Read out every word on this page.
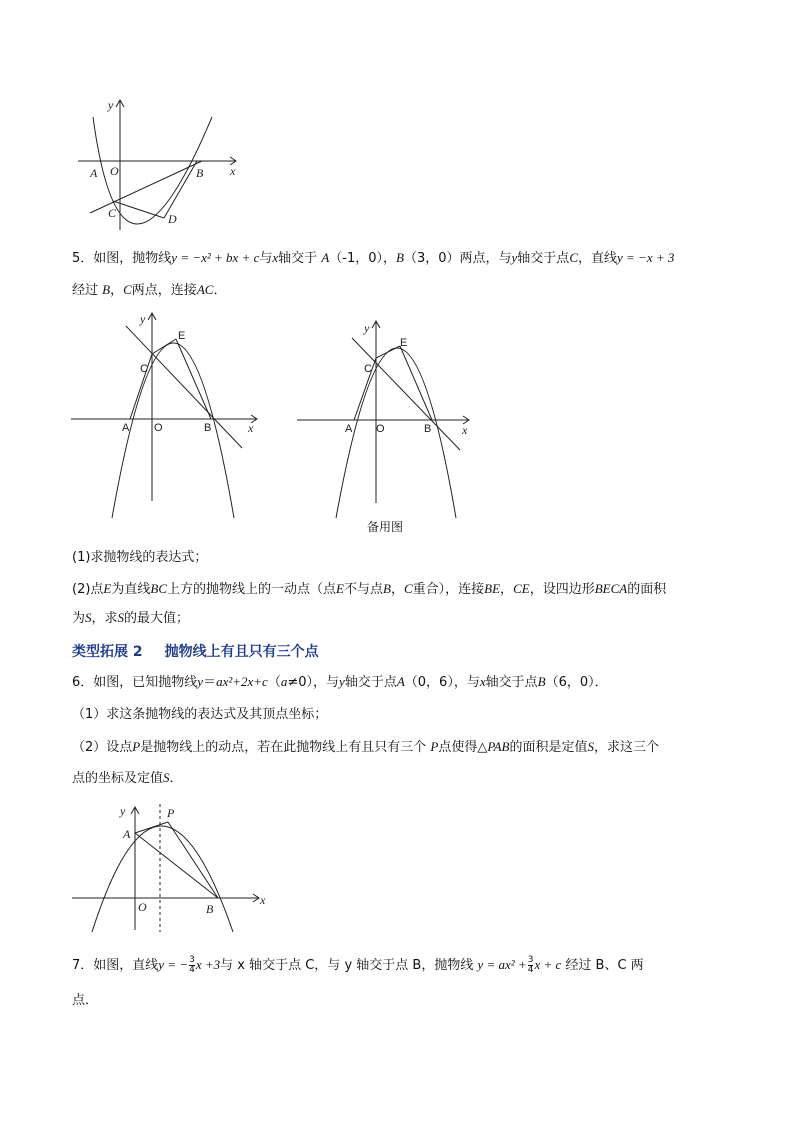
y
x
O
A	B
C	D
5．如图，抛物线y = −x² + bx + c与x轴交于 A（-1，0），B（3，0）两点，与y轴交于点C，直线y = −x + 3
经过 B，C两点，连接AC．
y
x
O
A	B
C
E
y
x
O
A	B
C
E
备用图
(1)求抛物线的表达式；
(2)点E为直线BC上方的抛物线上的一动点（点E不与点B，C重合），连接BE，CE，设四边形BECA的面积
为S，求S的最大值；
类型拓展 2 抛物线上有且只有三个点
6．如图，已知抛物线y＝ax²+2x+c（a≠0），与y轴交于点A（0，6），与x轴交于点B（6，0）．
（1）求这条抛物线的表达式及其顶点坐标；
（2）设点P是抛物线上的动点，若在此抛物线上有且只有三个 P点使得△PAB的面积是定值S，求这三个
点的坐标及定值S．
y
x
O
A
B
P
7．如图，直线y = − $\frac{3}{4}$ x +3与 x 轴交于点 C，与 y 轴交于点 B，抛物线 $y = ax^2 + \frac{3}{4}$ x + c 经过 B、C 两
点．
